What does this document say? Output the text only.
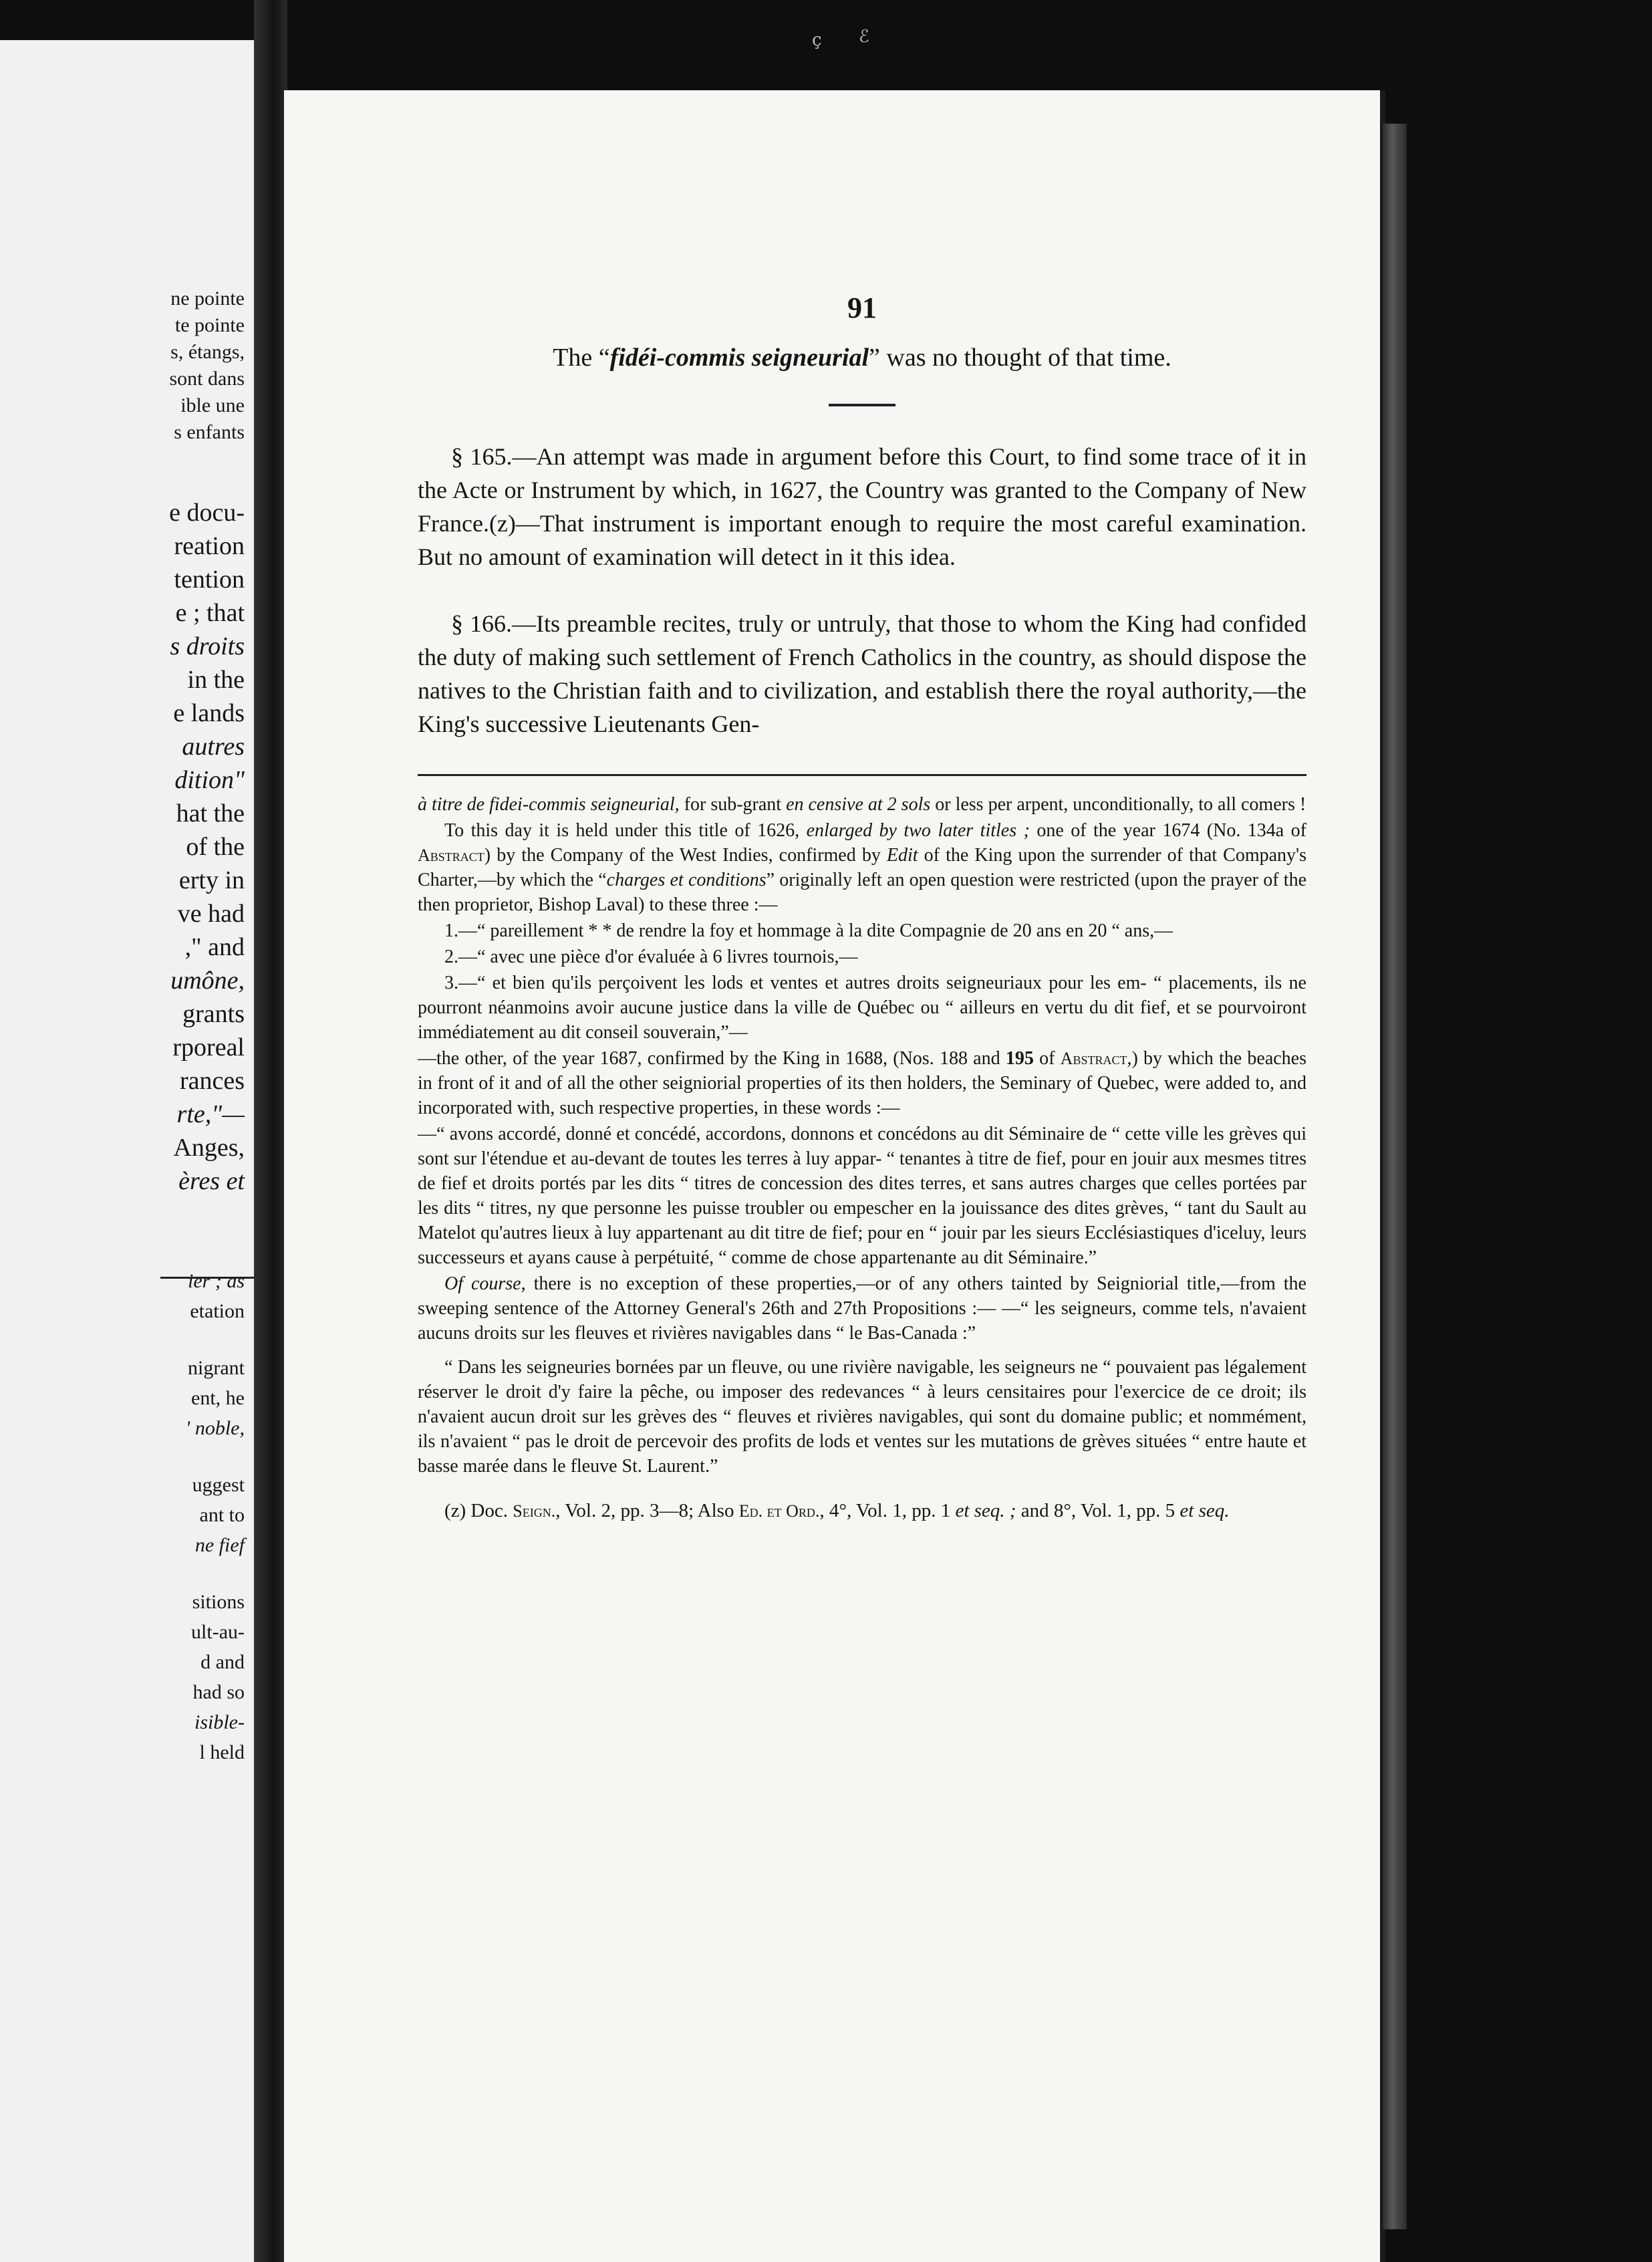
ne pointe
te pointe
s, étangs,
sont dans
ible une
s enfants
e docu-
reation
tention
e ; that
s droits
in the
e lands
autres
dition"
hat the
of the
erty in
ve had
," and
umône,
grants
rporeal
rances
rte,"—
Anges,
ères et
ier ; as
etation
nigrant
ent, he
' noble,
uggest
ant to
ne fief
sitions
ult-au-
d and
had so
isible-
l held
ç ℰ
91

The “fidéi-commis seigneurial” was no thought of that time.

§ 165.—An attempt was made in argument before this Court, to find some trace of it in the Acte or Instrument by which, in 1627, the Country was granted to the Company of New France.(z)—That instrument is important enough to require the most careful examination. But no amount of examination will detect in it this idea.

§ 166.—Its preamble recites, truly or untruly, that those to whom the King had confided the duty of making such settlement of French Catholics in the country, as should dispose the natives to the Christian faith and to civilization, and establish there the royal authority,—the King's successive Lieutenants Gen-

à titre de fidei-commis seigneurial, for sub-grant en censive at 2 sols or less per arpent, unconditionally, to all comers !

To this day it is held under this title of 1626, enlarged by two later titles ; one of the year 1674 (No. 134a of Abstract) by the Company of the West Indies, confirmed by Edit of the King upon the surrender of that Company's Charter,—by which the “charges et conditions” originally left an open question were restricted (upon the prayer of the then proprietor, Bishop Laval) to these three :—

1.—“ pareillement * * de rendre la foy et hommage à la dite Compagnie de 20 ans en 20 “ ans,—

2.—“ avec une pièce d'or évaluée à 6 livres tournois,—

3.—“ et bien qu'ils perçoivent les lods et ventes et autres droits seigneuriaux pour les em- “ placements, ils ne pourront néanmoins avoir aucune justice dans la ville de Québec ou “ ailleurs en vertu du dit fief, et se pourvoiront immédiatement au dit conseil souverain,”—

—the other, of the year 1687, confirmed by the King in 1688, (Nos. 188 and 195 of Abstract,) by which the beaches in front of it and of all the other seigniorial properties of its then holders, the Seminary of Quebec, were added to, and incorporated with, such respective properties, in these words :—

—“ avons accordé, donné et concédé, accordons, donnons et concédons au dit Séminaire de “ cette ville les grèves qui sont sur l'étendue et au-devant de toutes les terres à luy appar- “ tenantes à titre de fief, pour en jouir aux mesmes titres de fief et droits portés par les dits “ titres de concession des dites terres, et sans autres charges que celles portées par les dits “ titres, ny que personne les puisse troubler ou empescher en la jouissance des dites grèves, “ tant du Sault au Matelot qu'autres lieux à luy appartenant au dit titre de fief; pour en “ jouir par les sieurs Ecclésiastiques d'iceluy, leurs successeurs et ayans cause à perpétuité, “ comme de chose appartenante au dit Séminaire.”

Of course, there is no exception of these properties,—or of any others tainted by Seigniorial title,—from the sweeping sentence of the Attorney General's 26th and 27th Propositions :— —“ les seigneurs, comme tels, n'avaient aucuns droits sur les fleuves et rivières navigables dans “ le Bas-Canada :”

“ Dans les seigneuries bornées par un fleuve, ou une rivière navigable, les seigneurs ne “ pouvaient pas légalement réserver le droit d'y faire la pêche, ou imposer des redevances “ à leurs censitaires pour l'exercice de ce droit; ils n'avaient aucun droit sur les grèves des “ fleuves et rivières navigables, qui sont du domaine public; et nommément, ils n'avaient “ pas le droit de percevoir des profits de lods et ventes sur les mutations de grèves situées “ entre haute et basse marée dans le fleuve St. Laurent.”

(z) Doc. Seign., Vol. 2, pp. 3—8; Also Ed. et Ord., 4°, Vol. 1, pp. 1 et seq. ; and 8°, Vol. 1, pp. 5 et seq.
